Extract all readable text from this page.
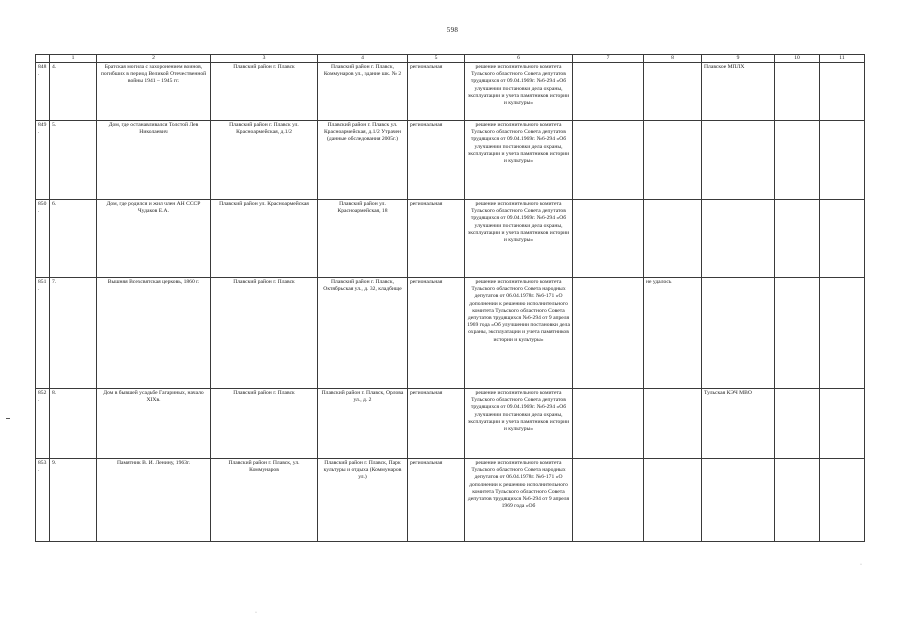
598
	1	2	3	4	5	6	7	8	9	10	11
848.	4.	Братская могила с захоронением воинов, погибших в период Великой Отечественной войны 1941 – 1945 гг.	Плавский район г. Плавск	Плавский район г. Плавск, Коммунаров ул., здание шк. № 2	региональная	решение исполнительного комитета Тульского областного Совета депутатов трудящихся от 09.04.1969г. №6-294 «Об улучшении постановки дела охраны, эксплуатации и учета памятников истории и культуры»			Плавское МПЛХ		
849.	5.	Дом, где останавливался Толстой Лев Николаевич	Плавский район г. Плавск ул. Красноармейская, д.1/2	Плавский район г. Плавск ул. Красноармейская, д.1/2 Утрачен (данные обследования 2005г.)	региональная	решение исполнительного комитета Тульского областного Совета депутатов трудящихся от 09.04.1969г. №6-294 «Об улучшении постановки дела охраны, эксплуатации и учета памятников истории и культуры»					
850.	6.	Дом, где родился и жил член АН СССР Чудаков Е.А.	Плавский район ул. Красноармейская	Плавский район ул. Красноармейская, 18	региональная	решение исполнительного комитета Тульского областного Совета депутатов трудящихся от 09.04.1969г. №6-294 «Об улучшении постановки дела охраны, эксплуатации и учета памятников истории и культуры»					
851.	7.	Вышняя Всехсвятская церковь, 1860 г.	Плавский район г. Плавск	Плавский район г. Плавск, Октябрьская ул., д. 32, кладбище	региональная	решение исполнительного комитета Тульского областного Совета народных депутатов от 06.04.1978г. №6-171 «О дополнении к решению исполнительного комитета Тульского областного Совета депутатов трудящихся №6-294 от 9 апреля 1969 года «Об улучшении постановки дела охраны, эксплуатации и учета памятников истории и культуры»		не удалось			
852.	8.	Дом в бывшей усадьбе Гагариных, начало XIXв.	Плавский район г. Плавск	Плавский район г. Плавск, Орлова ул., д. 2	региональная	решение исполнительного комитета Тульского областного Совета депутатов трудящихся от 09.04.1969г. №6-294 «Об улучшении постановки дела охраны, эксплуатации и учета памятников истории и культуры»			Тульская КЭЧ МВО		
853.	9.	Памятник В. И. Ленину, 1963г.	Плавский район г. Плавск, ул. Коммунаров	Плавский район г. Плавск, Парк культуры и отдыха (Коммунаров ул.)	региональная	решение исполнительного комитета Тульского областного Совета народных депутатов от 06.04.1978г. №6-171 «О дополнении к решению исполнительного комитета Тульского областного Совета депутатов трудящихся №6-294 от 9 апреля 1969 года «Об					
·
·
